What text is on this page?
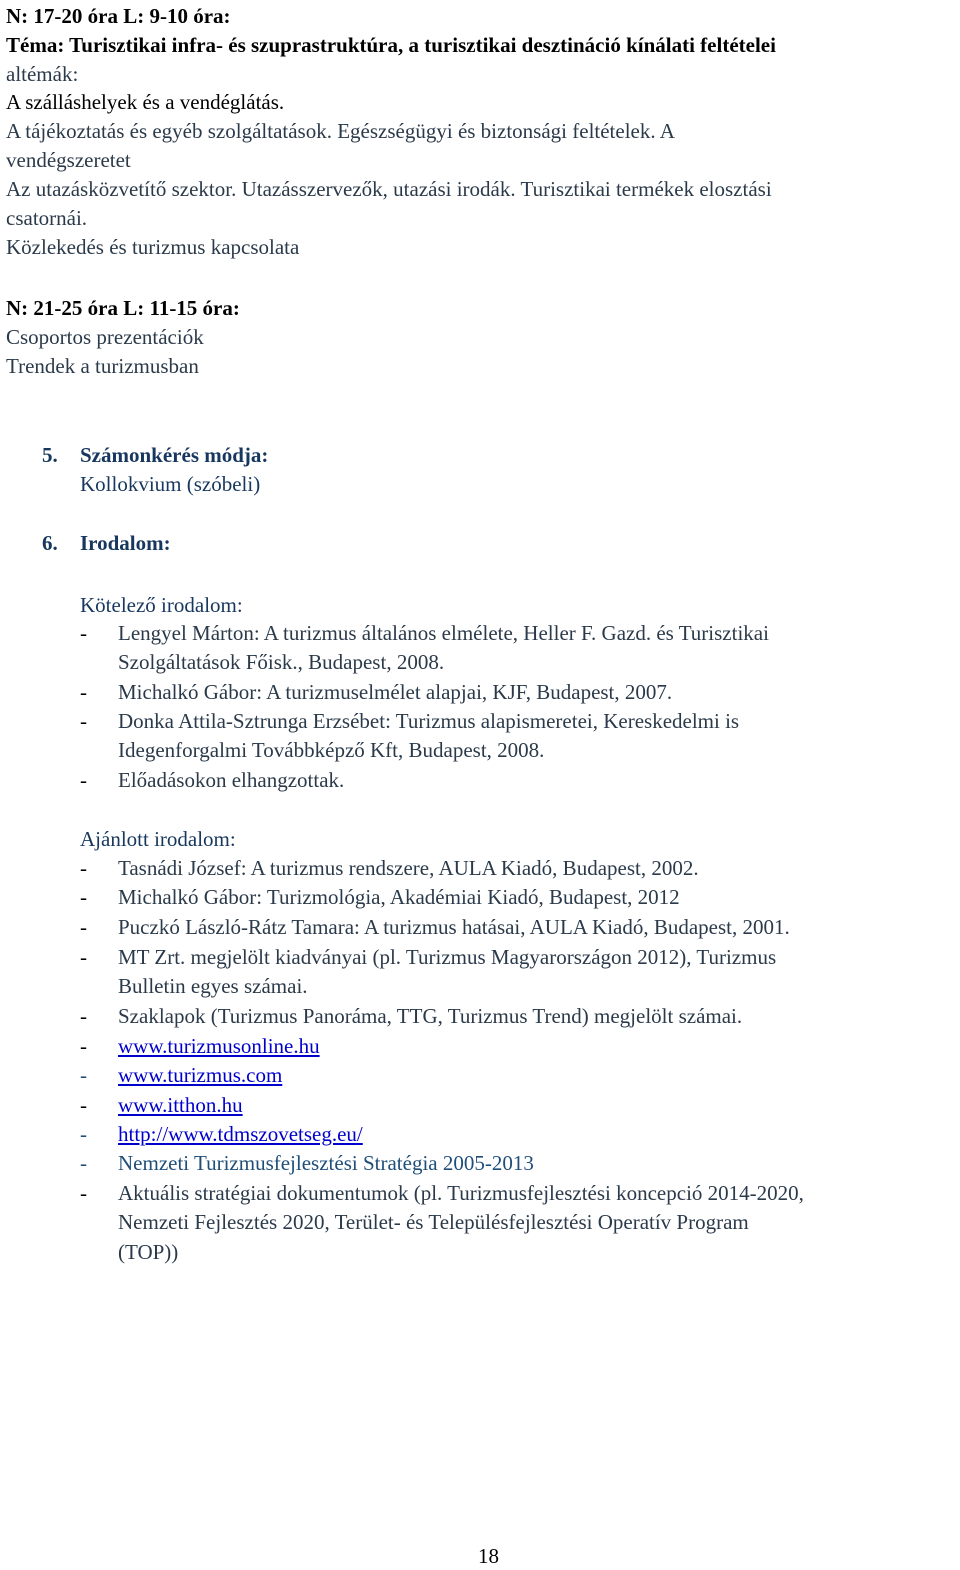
N: 17-20 óra L: 9-10 óra:
Téma: Turisztikai infra- és szuprastruktúra, a turisztikai desztináció kínálati feltételei
altémák:
A szálláshelyek és a vendéglátás.
A tájékoztatás és egyéb szolgáltatások. Egészségügyi és biztonsági feltételek. A
vendégszeretet
Az utazásközvetítő szektor. Utazásszervezők, utazási irodák. Turisztikai termékek elosztási
csatornái.
Közlekedés és turizmus kapcsolata
N: 21-25 óra L: 11-15 óra:
Csoportos prezentációk
Trendek a turizmusban
5. Számonkérés módja:
Kollokvium (szóbeli)
6. Irodalom:
Kötelező irodalom:
- Lengyel Márton: A turizmus általános elmélete, Heller F. Gazd. és Turisztikai
Szolgáltatások Főisk., Budapest, 2008.
- Michalkó Gábor: A turizmuselmélet alapjai, KJF, Budapest, 2007.
- Donka Attila-Sztrunga Erzsébet: Turizmus alapismeretei, Kereskedelmi is
Idegenforgalmi Továbbképző Kft, Budapest, 2008.
- Előadásokon elhangzottak.
Ajánlott irodalom:
- Tasnádi József: A turizmus rendszere, AULA Kiadó, Budapest, 2002.
- Michalkó Gábor: Turizmológia, Akadémiai Kiadó, Budapest, 2012
- Puczkó László-Rátz Tamara: A turizmus hatásai, AULA Kiadó, Budapest, 2001.
- MT Zrt. megjelölt kiadványai (pl. Turizmus Magyarországon 2012), Turizmus
Bulletin egyes számai.
- Szaklapok (Turizmus Panoráma, TTG, Turizmus Trend) megjelölt számai.
- www.turizmusonline.hu
- www.turizmus.com
- www.itthon.hu
- http://www.tdmszovetseg.eu/
- Nemzeti Turizmusfejlesztési Stratégia 2005-2013
- Aktuális stratégiai dokumentumok (pl. Turizmusfejlesztési koncepció 2014-2020,
Nemzeti Fejlesztés 2020, Terület- és Településfejlesztési Operatív Program
(TOP))
18
